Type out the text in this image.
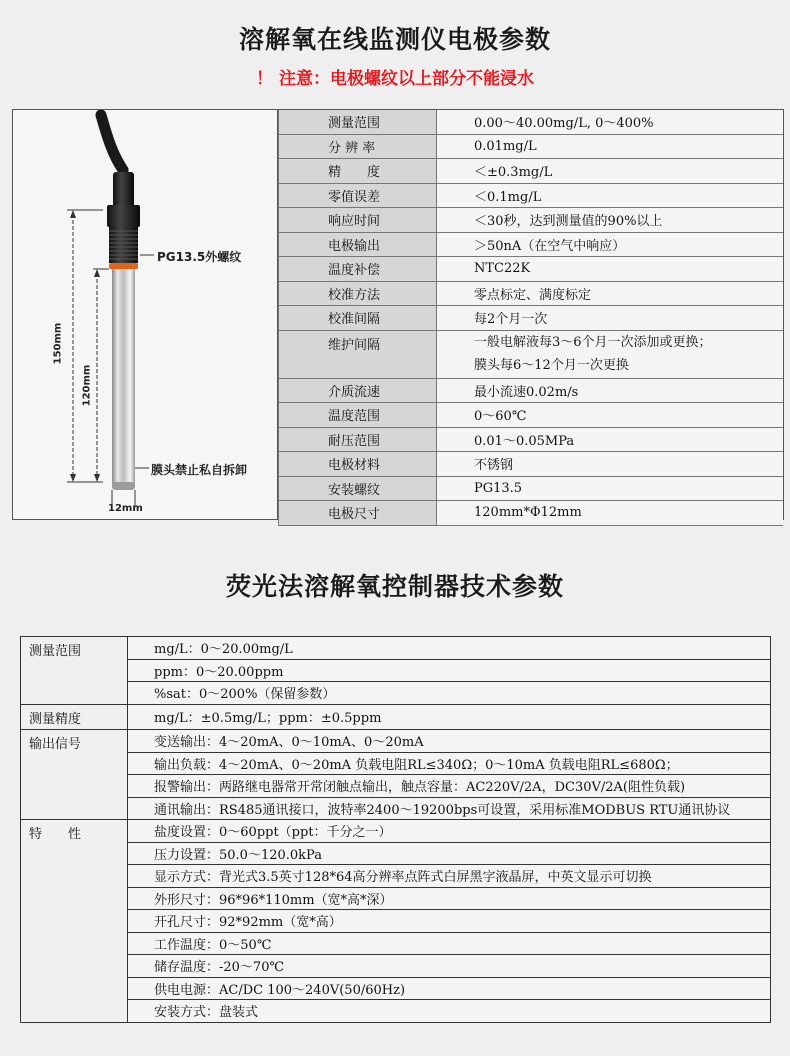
溶解氧在线监测仪电极参数
！ 注意：电极螺纹以上部分不能浸水
PG13.5外螺纹
膜头禁止私自拆卸
150mm
120mm
12mm
测量范围	0.00～40.00mg/L, 0～400%
分 辨 率	0.01mg/L
精　　度	＜±0.3mg/L
零值误差	＜0.1mg/L
响应时间	＜30秒，达到测量值的90%以上
电极输出	＞50nA（在空气中响应）
温度补偿	NTC22K
校准方法	零点标定、满度标定
校准间隔	每2个月一次
维护间隔	一般电解液每3～6个月一次添加或更换；
膜头每6～12个月一次更换

介质流速	最小流速0.02m/s
温度范围	0～60℃
耐压范围	0.01～0.05MPa
电极材料	不锈钢
安装螺纹	PG13.5
电极尺寸	120mm*Φ12mm
荧光法溶解氧控制器技术参数
测量范围	mg/L：0～20.00mg/L
	ppm：0～20.00ppm
	%sat：0～200%（保留参数）
测量精度	mg/L：±0.5mg/L；ppm：±0.5ppm
输出信号	变送输出：4～20mA、0～10mA、0～20mA
	输出负载：4～20mA、0～20mA 负载电阻RL≤340Ω；0～10mA 负载电阻RL≤680Ω；
	报警输出：两路继电器常开常闭触点输出，触点容量：AC220V/2A，DC30V/2A(阻性负载)
	通讯输出：RS485通讯接口，波特率2400～19200bps可设置，采用标准MODBUS RTU通讯协议
特　　性	盐度设置：0～60ppt（ppt：千分之一）
	压力设置：50.0～120.0kPa
	显示方式：背光式3.5英寸128*64高分辨率点阵式白屏黑字液晶屏，中英文显示可切换
	外形尺寸：96*96*110mm（宽*高*深）
	开孔尺寸：92*92mm（宽*高）
	工作温度：0～50℃
	储存温度：-20～70℃
	供电电源：AC/DC 100～240V(50/60Hz)
	安装方式：盘装式
